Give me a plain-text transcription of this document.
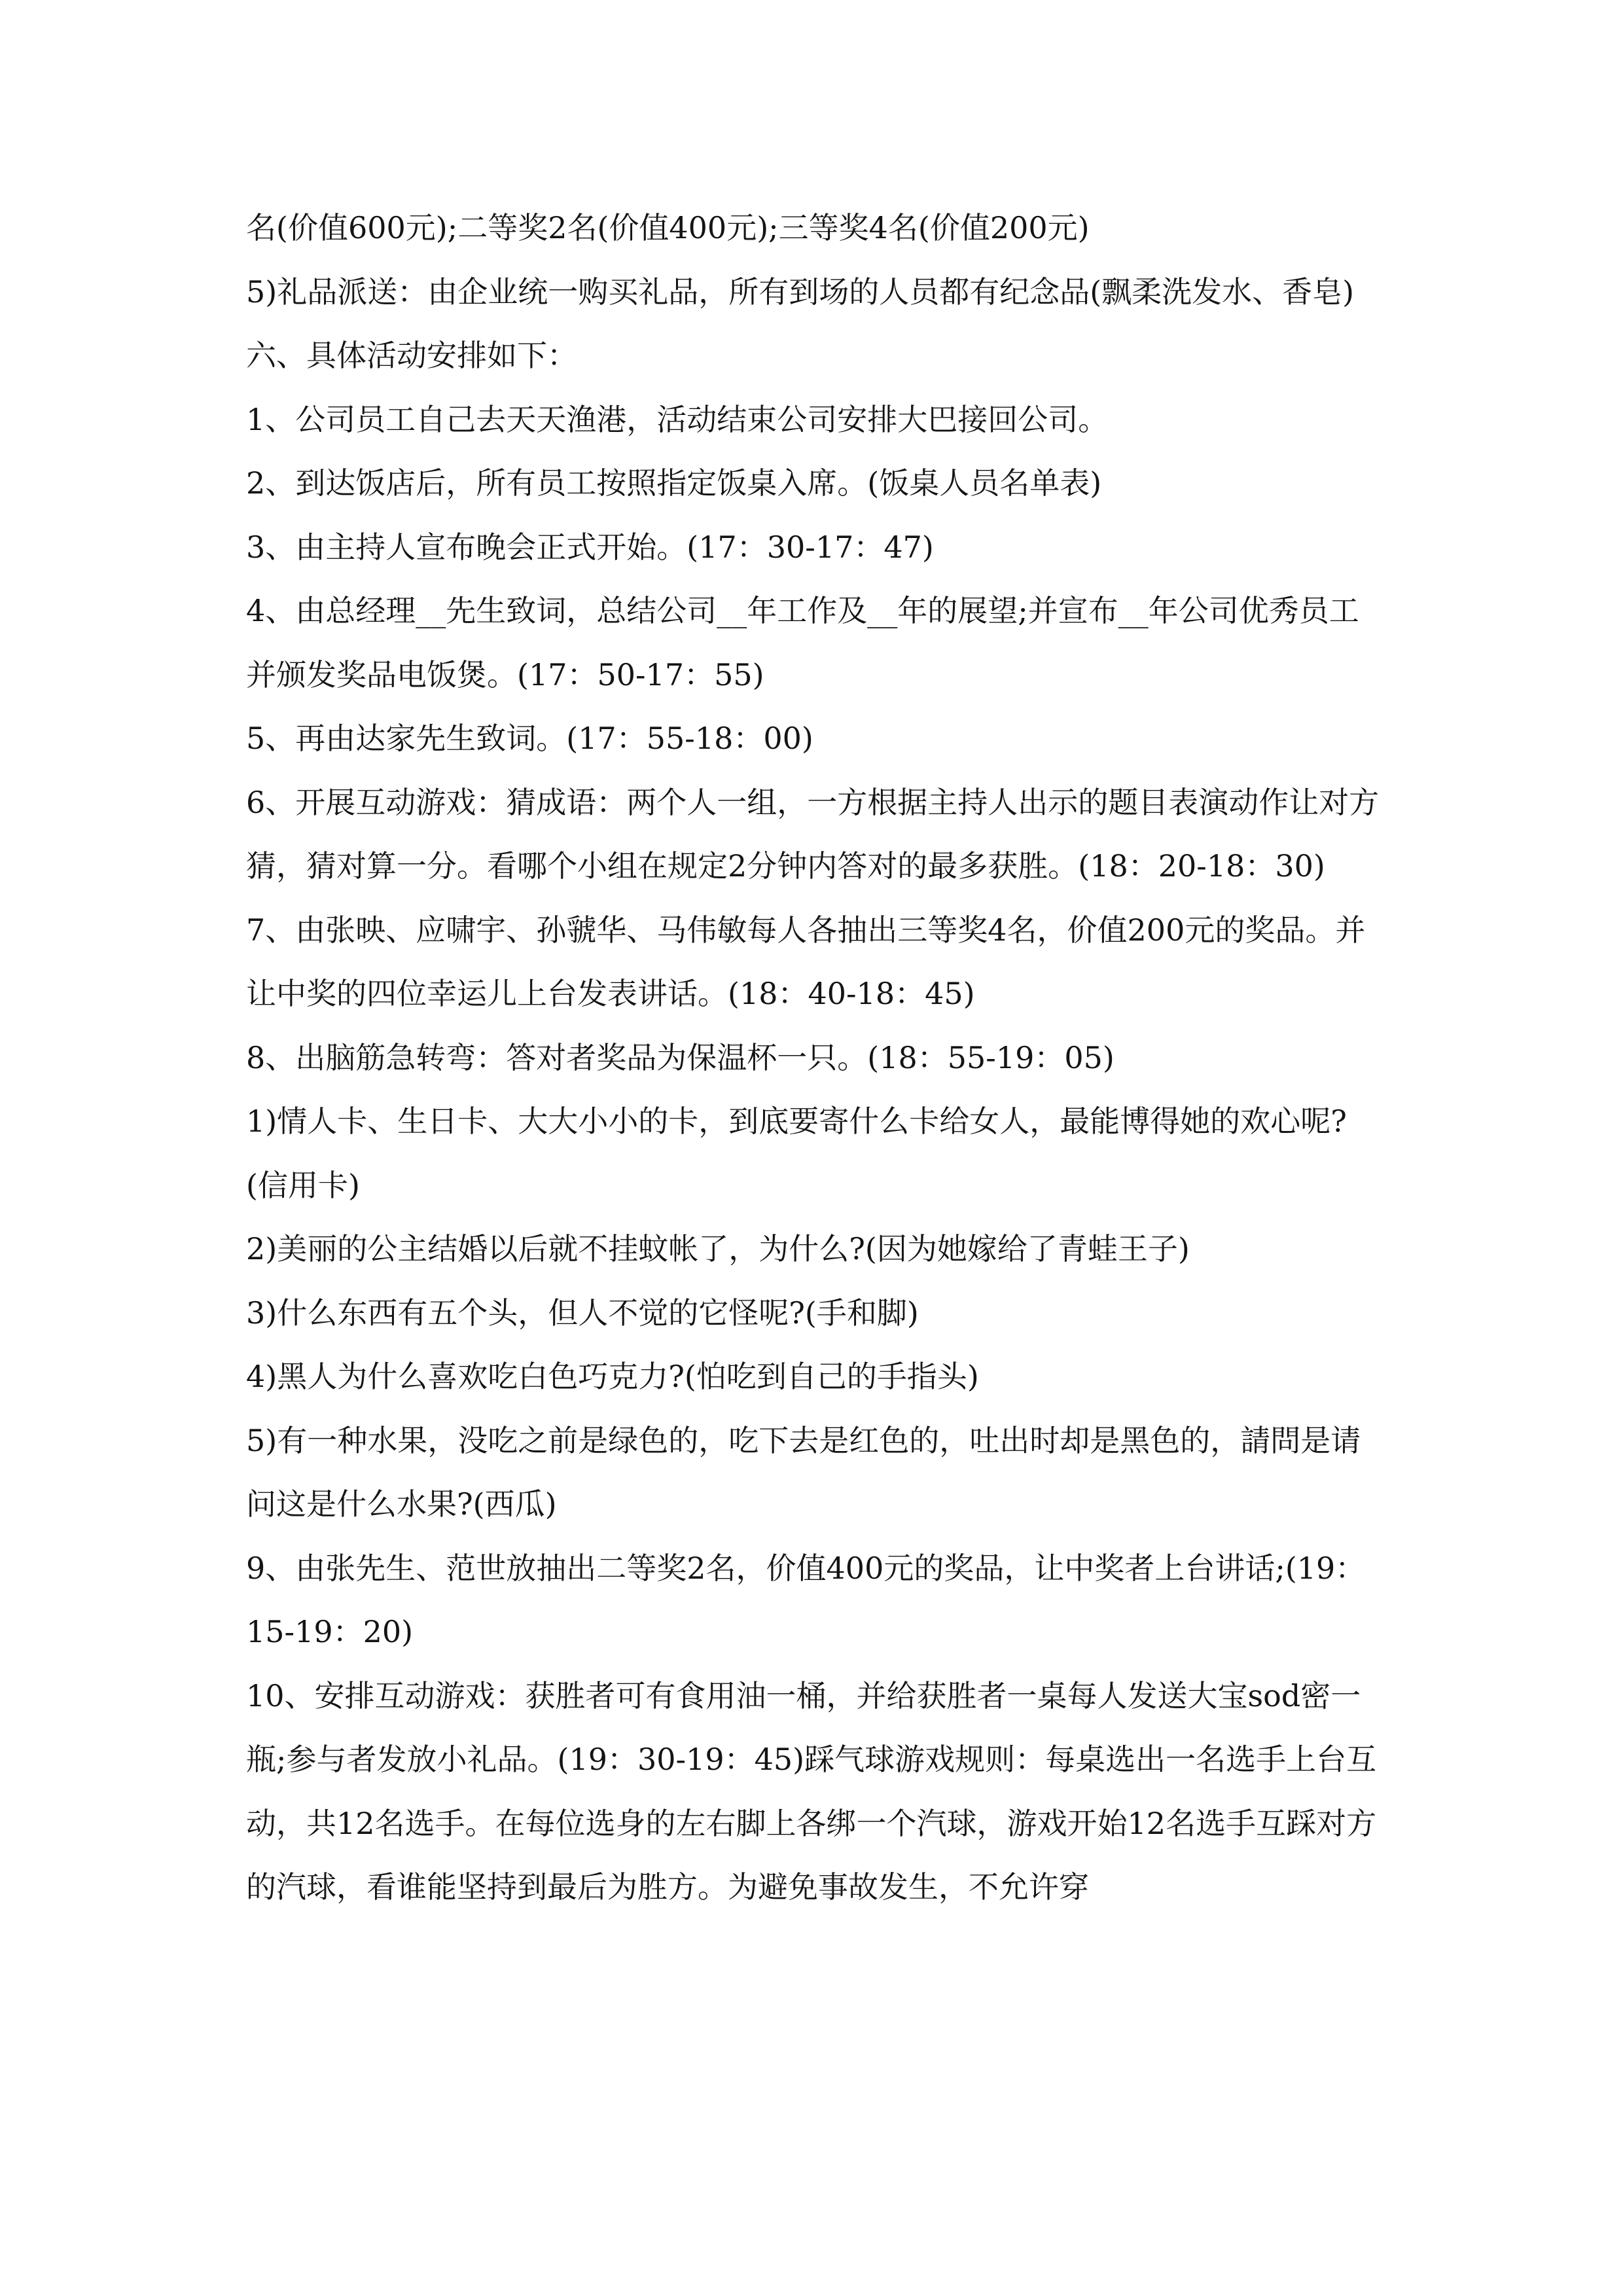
名(价值600元);二等奖2名(价值400元);三等奖4名(价值200元)

5)礼品派送：由企业统一购买礼品，所有到场的人员都有纪念品(飘柔洗发水、香皂)

六、具体活动安排如下：

1、公司员工自己去天天渔港，活动结束公司安排大巴接回公司。

2、到达饭店后，所有员工按照指定饭桌入席。(饭桌人员名单表)

3、由主持人宣布晚会正式开始。(17：30-17：47)

4、由总经理__先生致词，总结公司__年工作及__年的展望;并宣布__年公司优秀员工并颁发奖品电饭煲。(17：50-17：55)

5、再由达家先生致词。(17：55-18：00)

6、开展互动游戏：猜成语：两个人一组，一方根据主持人出示的题目表演动作让对方猜，猜对算一分。看哪个小组在规定2分钟内答对的最多获胜。(18：20-18：30)

7、由张映、应啸宇、孙虢华、马伟敏每人各抽出三等奖4名，价值200元的奖品。并让中奖的四位幸运儿上台发表讲话。(18：40-18：45)

8、出脑筋急转弯：答对者奖品为保温杯一只。(18：55-19：05)

1)情人卡、生日卡、大大小小的卡，到底要寄什么卡给女人，最能博得她的欢心呢?(信用卡)

2)美丽的公主结婚以后就不挂蚊帐了，为什么?(因为她嫁给了青蛙王子)

3)什么东西有五个头，但人不觉的它怪呢?(手和脚)

4)黑人为什么喜欢吃白色巧克力?(怕吃到自己的手指头)

5)有一种水果，没吃之前是绿色的，吃下去是红色的，吐出时却是黑色的，請問是请问这是什么水果?(西瓜)

9、由张先生、范世放抽出二等奖2名，价值400元的奖品，让中奖者上台讲话;(19：15-19：20)

10、安排互动游戏：获胜者可有食用油一桶，并给获胜者一桌每人发送大宝sod密一瓶;参与者发放小礼品。(19：30-19：45)踩气球游戏规则：每桌选出一名选手上台互动，共12名选手。在每位选身的左右脚上各绑一个汽球，游戏开始12名选手互踩对方的汽球，看谁能坚持到最后为胜方。为避免事故发生，不允许穿
